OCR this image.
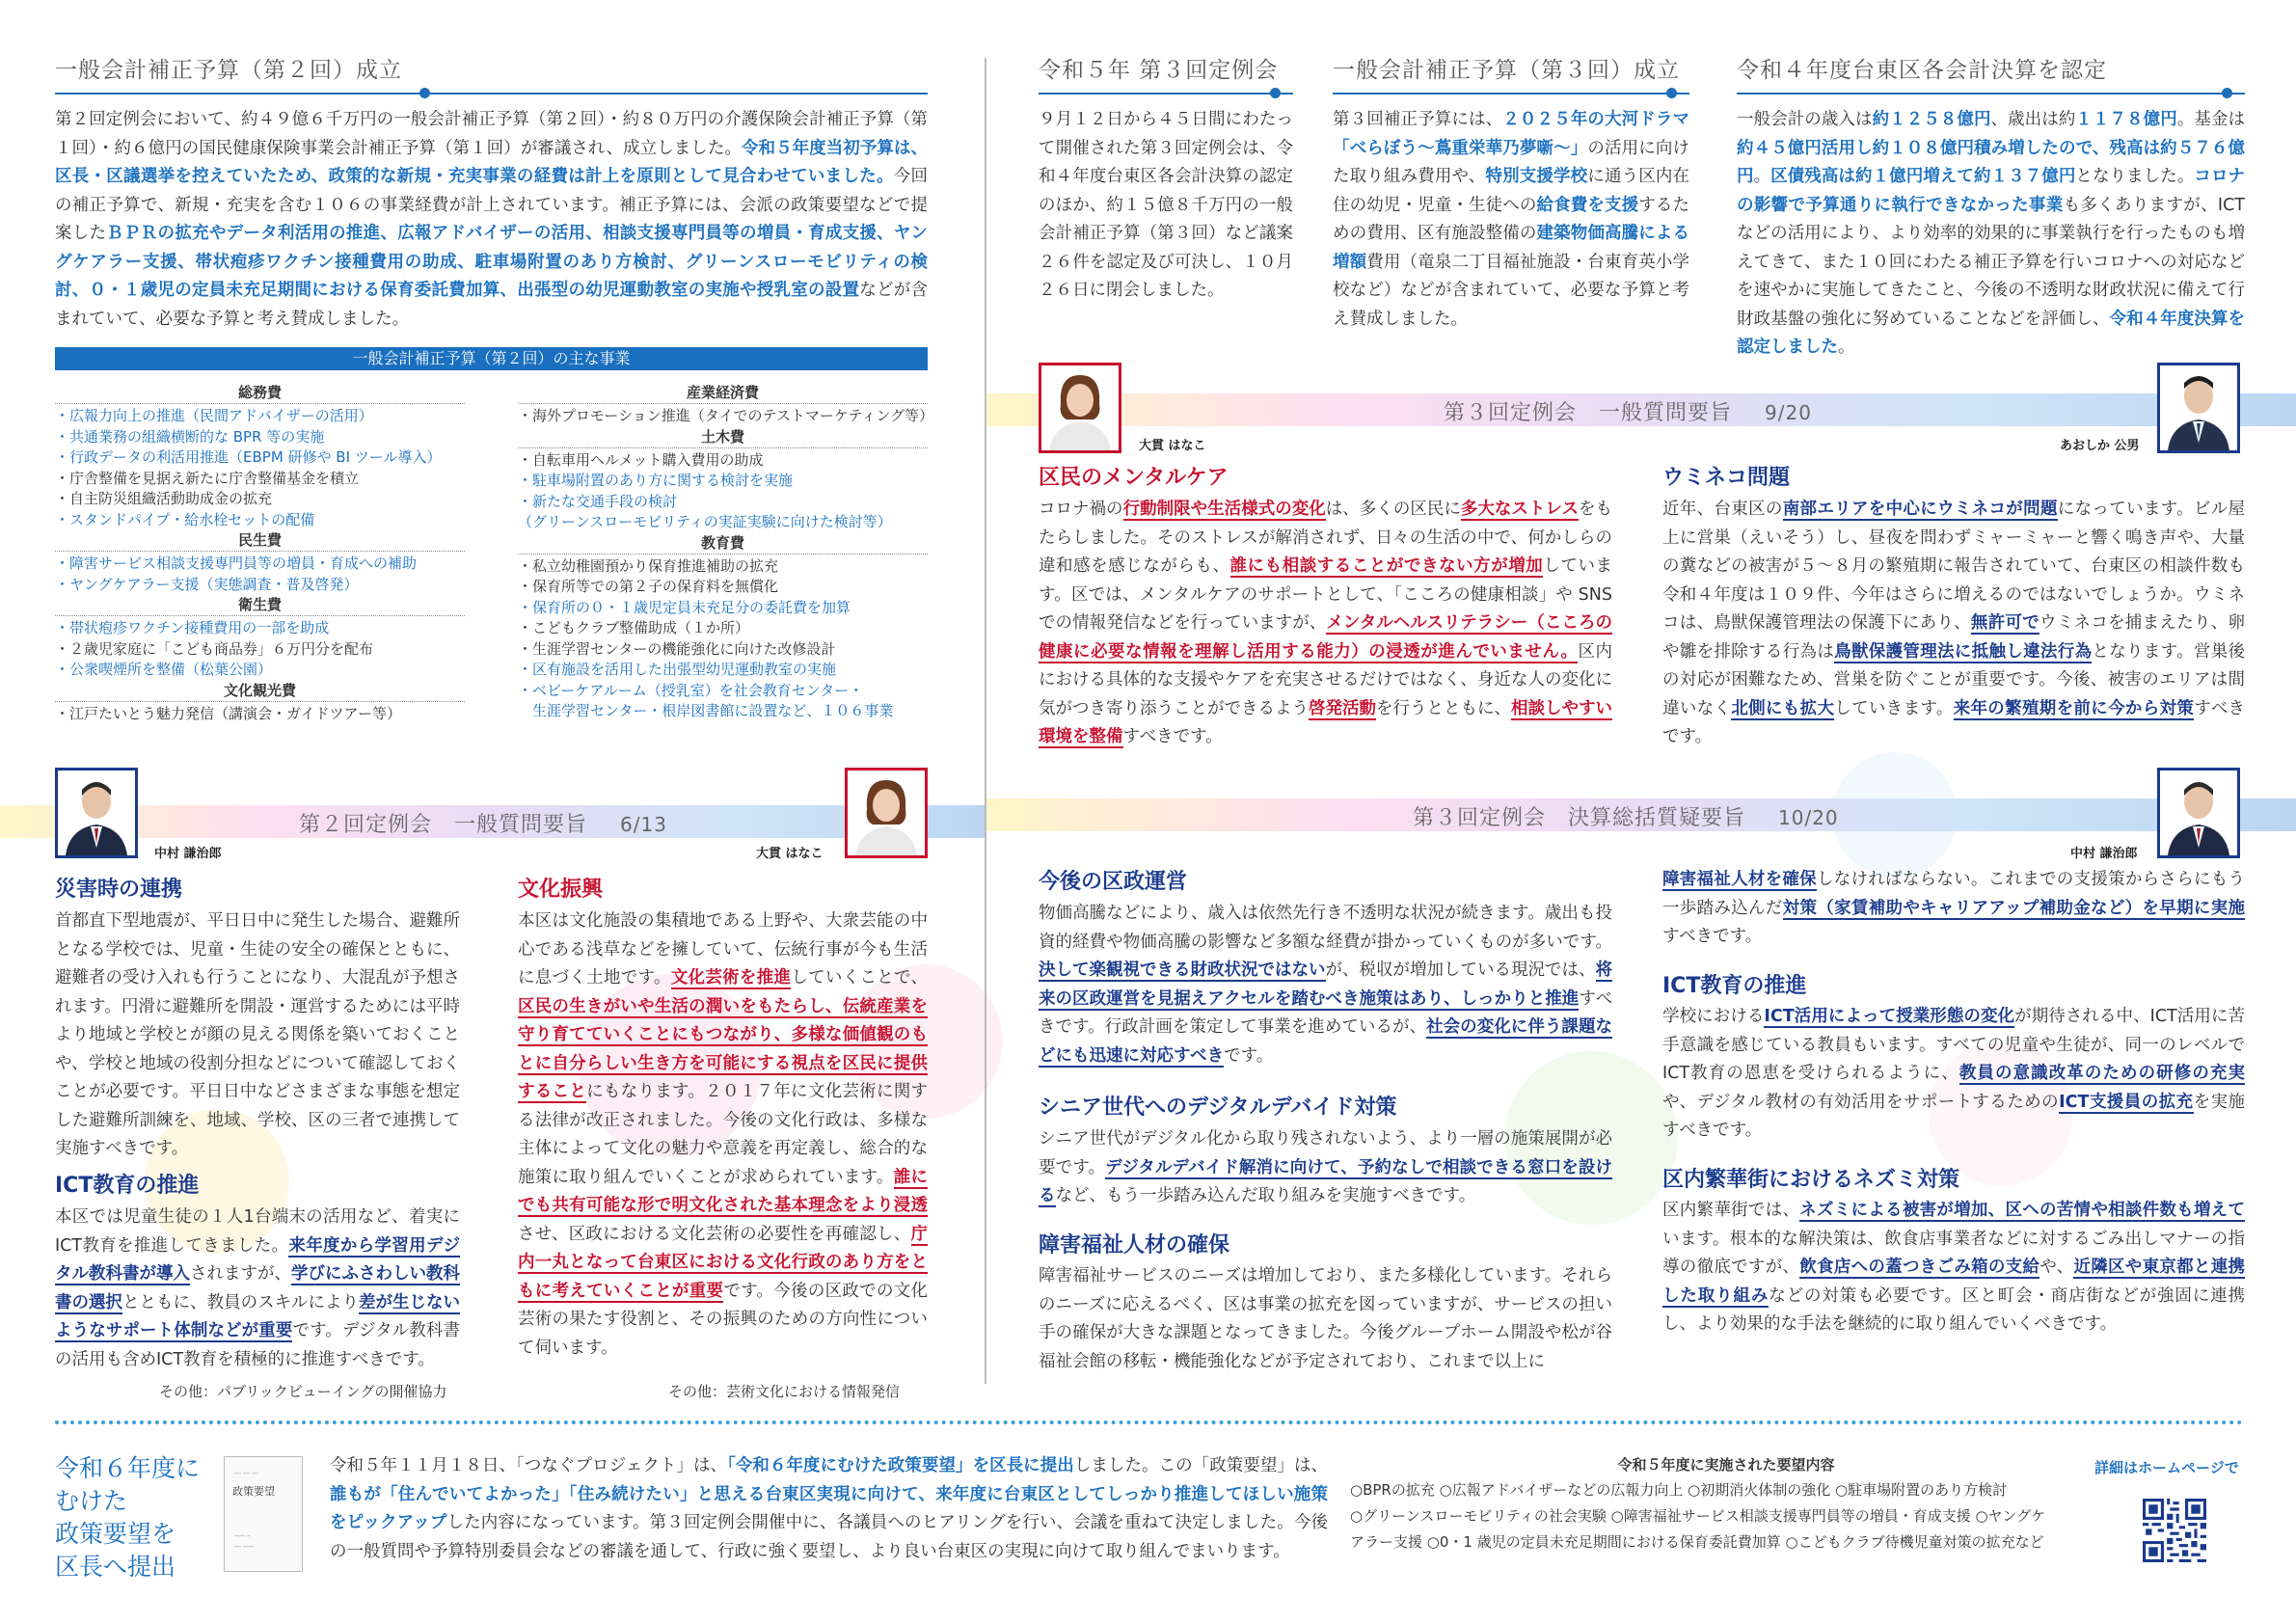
一般会計補正予算（第２回）成立
第２回定例会において、約４９億６千万円の一般会計補正予算（第２回）・約８０万円の介護保険会計補正予算（第１回）・約６億円の国民健康保険事業会計補正予算（第１回）が審議され、成立しました。令和５年度当初予算は、区長・区議選挙を控えていたため、政策的な新規・充実事業の経費は計上を原則として見合わせていました。今回の補正予算で、新規・充実を含む１０６の事業経費が計上されています。補正予算には、会派の政策要望などで提案したＢＰＲの拡充やデータ利活用の推進、広報アドバイザーの活用、相談支援専門員等の増員・育成支援、ヤングケアラー支援、帯状疱疹ワクチン接種費用の助成、駐車場附置のあり方検討、グリーンスローモビリティの検討、０・１歳児の定員未充足期間における保育委託費加算、出張型の幼児運動教室の実施や授乳室の設置などが含まれていて、必要な予算と考え賛成しました。
一般会計補正予算（第２回）の主な事業
総務費
・広報力向上の推進（民間アドバイザーの活用）
・共通業務の組織横断的な BPR 等の実施
・行政データの利活用推進（EBPM 研修や BI ツール導入）
・庁舎整備を見据え新たに庁舎整備基金を積立
・自主防災組織活動助成金の拡充
・スタンドパイプ・給水栓セットの配備
民生費
・障害サービス相談支援専門員等の増員・育成への補助
・ヤングケアラー支援（実態調査・普及啓発）
衛生費
・帯状疱疹ワクチン接種費用の一部を助成
・２歳児家庭に「こども商品券」６万円分を配布
・公衆喫煙所を整備（松葉公園）
文化観光費
・江戸たいとう魅力発信（講演会・ガイドツアー等）
産業経済費
・海外プロモーション推進（タイでのテストマーケティング等）
土木費
・自転車用ヘルメット購入費用の助成
・駐車場附置のあり方に関する検討を実施
・新たな交通手段の検討
（グリーンスローモビリティの実証実験に向けた検討等）
教育費
・私立幼稚園預かり保育推進補助の拡充
・保育所等での第２子の保育料を無償化
・保育所の０・１歳児定員未充足分の委託費を加算
・こどもクラブ整備助成（１か所）
・生涯学習センターの機能強化に向けた改修設計
・区有施設を活用した出張型幼児運動教室の実施
・ベビーケアルーム（授乳室）を社会教育センター・
　生涯学習センター・根岸図書館に設置など、１０６事業
第２回定例会　一般質問要旨 6/13
中村 謙治郎	大貫 はなこ
災害時の連携
首都直下型地震が、平日日中に発生した場合、避難所となる学校では、児童・生徒の安全の確保とともに、避難者の受け入れも行うことになり、大混乱が予想されます。円滑に避難所を開設・運営するためには平時より地域と学校とが顔の見える関係を築いておくことや、学校と地域の役割分担などについて確認しておくことが必要です。平日日中などさまざまな事態を想定した避難所訓練を、地域、学校、区の三者で連携して実施すべきです。
ICT教育の推進
本区では児童生徒の１人1台端末の活用など、着実にICT教育を推進してきました。来年度から学習用デジタル教科書が導入されますが、学びにふさわしい教科書の選択とともに、教員のスキルにより差が生じないようなサポート体制などが重要です。デジタル教科書の活用も含めICT教育を積極的に推進すべきです。
その他：パブリックビューイングの開催協力
文化振興
本区は文化施設の集積地である上野や、大衆芸能の中心である浅草などを擁していて、伝統行事が今も生活に息づく土地です。文化芸術を推進していくことで、区民の生きがいや生活の潤いをもたらし、伝統産業を守り育てていくことにもつながり、多様な価値観のもとに自分らしい生き方を可能にする視点を区民に提供することにもなります。２０１７年に文化芸術に関する法律が改正されました。今後の文化行政は、多様な主体によって文化の魅力や意義を再定義し、総合的な施策に取り組んでいくことが求められています。誰にでも共有可能な形で明文化された基本理念をより浸透させ、区政における文化芸術の必要性を再確認し、庁内一丸となって台東区における文化行政のあり方をともに考えていくことが重要です。今後の区政での文化芸術の果たす役割と、その振興のための方向性について伺います。
その他：芸術文化における情報発信
令和５年 第３回定例会 一般会計補正予算（第３回）成立	令和４年度台東区各会計決算を認定
９月１２日から４５日間にわたって開催された第３回定例会は、令和４年度台東区各会計決算の認定のほか、約１５億８千万円の一般会計補正予算（第３回）など議案２６件を認定及び可決し、１０月２６日に閉会しました。
第３回補正予算には、２０２５年の大河ドラマ「べらぼう〜蔦重栄華乃夢噺〜」の活用に向けた取り組み費用や、特別支援学校に通う区内在住の幼児・児童・生徒への給食費を支援するための費用、区有施設整備の建築物価高騰による増額費用（竜泉二丁目福祉施設・台東育英小学校など）などが含まれていて、必要な予算と考え賛成しました。
一般会計の歳入は約１２５８億円、歳出は約１１７８億円。基金は約４５億円活用し約１０８億円積み増したので、残高は約５７６億円。区債残高は約１億円増えて約１３７億円となりました。コロナの影響で予算通りに執行できなかった事業も多くありますが、ICTなどの活用により、より効率的効果的に事業執行を行ったものも増えてきて、また１０回にわたる補正予算を行いコロナへの対応などを速やかに実施してきたこと、今後の不透明な財政状況に備えて行財政基盤の強化に努めていることなどを評価し、令和４年度決算を認定しました。
第３回定例会　一般質問要旨 9/20
大貫 はなこ	あおしか 公男
区民のメンタルケア
コロナ禍の行動制限や生活様式の変化は、多くの区民に多大なストレスをもたらしました。そのストレスが解消されず、日々の生活の中で、何かしらの違和感を感じながらも、誰にも相談することができない方が増加しています。区では、メンタルケアのサポートとして、「こころの健康相談」や SNS での情報発信などを行っていますが、メンタルヘルスリテラシー（こころの健康に必要な情報を理解し活用する能力）の浸透が進んでいません。区内における具体的な支援やケアを充実させるだけではなく、身近な人の変化に気がつき寄り添うことができるよう啓発活動を行うとともに、相談しやすい環境を整備すべきです。
ウミネコ問題
近年、台東区の南部エリアを中心にウミネコが問題になっています。ビル屋上に営巣（えいそう）し、昼夜を問わずミャーミャーと響く鳴き声や、大量の糞などの被害が５〜８月の繁殖期に報告されていて、台東区の相談件数も令和４年度は１０９件、今年はさらに増えるのではないでしょうか。ウミネコは、鳥獣保護管理法の保護下にあり、無許可でウミネコを捕まえたり、卵や雛を排除する行為は鳥獣保護管理法に抵触し違法行為となります。営巣後の対応が困難なため、営巣を防ぐことが重要です。今後、被害のエリアは間違いなく北側にも拡大していきます。来年の繁殖期を前に今から対策すべきです。
第３回定例会　決算総括質疑要旨 10/20
中村 謙治郎
今後の区政運営
物価高騰などにより、歳入は依然先行き不透明な状況が続きます。歳出も投資的経費や物価高騰の影響など多額な経費が掛かっていくものが多いです。決して楽観視できる財政状況ではないが、税収が増加している現況では、将来の区政運営を見据えアクセルを踏むべき施策はあり、しっかりと推進すべきです。行政計画を策定して事業を進めているが、社会の変化に伴う課題などにも迅速に対応すべきです。
シニア世代へのデジタルデバイド対策
シニア世代がデジタル化から取り残されないよう、より一層の施策展開が必要です。デジタルデバイド解消に向けて、予約なしで相談できる窓口を設けるなど、もう一歩踏み込んだ取り組みを実施すべきです。
障害福祉人材の確保
障害福祉サービスのニーズは増加しており、また多様化しています。それらのニーズに応えるべく、区は事業の拡充を図っていますが、サービスの担い手の確保が大きな課題となってきました。今後グループホーム開設や松が谷福祉会館の移転・機能強化などが予定されており、これまで以上に
障害福祉人材を確保しなければならない。これまでの支援策からさらにもう一歩踏み込んだ対策（家賃補助やキャリアアップ補助金など）を早期に実施すべきです。
ICT教育の推進
学校におけるICT活用によって授業形態の変化が期待される中、ICT活用に苦手意識を感じている教員もいます。すべての児童や生徒が、同一のレベルでICT教育の恩恵を受けられるように、教員の意識改革のための研修の充実や、デジタル教材の有効活用をサポートするためのICT支援員の拡充を実施すべきです。
区内繁華街におけるネズミ対策
区内繁華街では、ネズミによる被害が増加、区への苦情や相談件数も増えています。根本的な解決策は、飲食店事業者などに対するごみ出しマナーの指導の徹底ですが、飲食店への蓋つきごみ箱の支給や、近隣区や東京都と連携した取り組みなどの対策も必要です。区と町会・商店街などが強固に連携し、より効果的な手法を継続的に取り組んでいくべきです。
令和６年度に
むけた
政策要望を
区長へ提出
── ── ──
政策要望
─── ─
── ───
令和５年１１月１８日、「つなぐプロジェクト」は、「令和６年度にむけた政策要望」を区長に提出しました。この「政策要望」は、誰もが「住んでいてよかった」「住み続けたい」と思える台東区実現に向けて、来年度に台東区としてしっかり推進してほしい施策をピックアップした内容になっています。第３回定例会開催中に、各議員へのヒアリングを行い、会議を重ねて決定しました。今後の一般質問や予算特別委員会などの審議を通して、行政に強く要望し、より良い台東区の実現に向けて取り組んでまいります。
令和５年度に実施された要望内容
○BPRの拡充 ○広報アドバイザーなどの広報力向上 ○初期消火体制の強化 ○駐車場附置のあり方検討
○グリーンスローモビリティの社会実験 ○障害福祉サービス相談支援専門員等の増員・育成支援 ○ヤングケ
アラー支援 ○0・1 歳児の定員未充足期間における保育委託費加算 ○こどもクラブ待機児童対策の拡充など
詳細はホームページで
